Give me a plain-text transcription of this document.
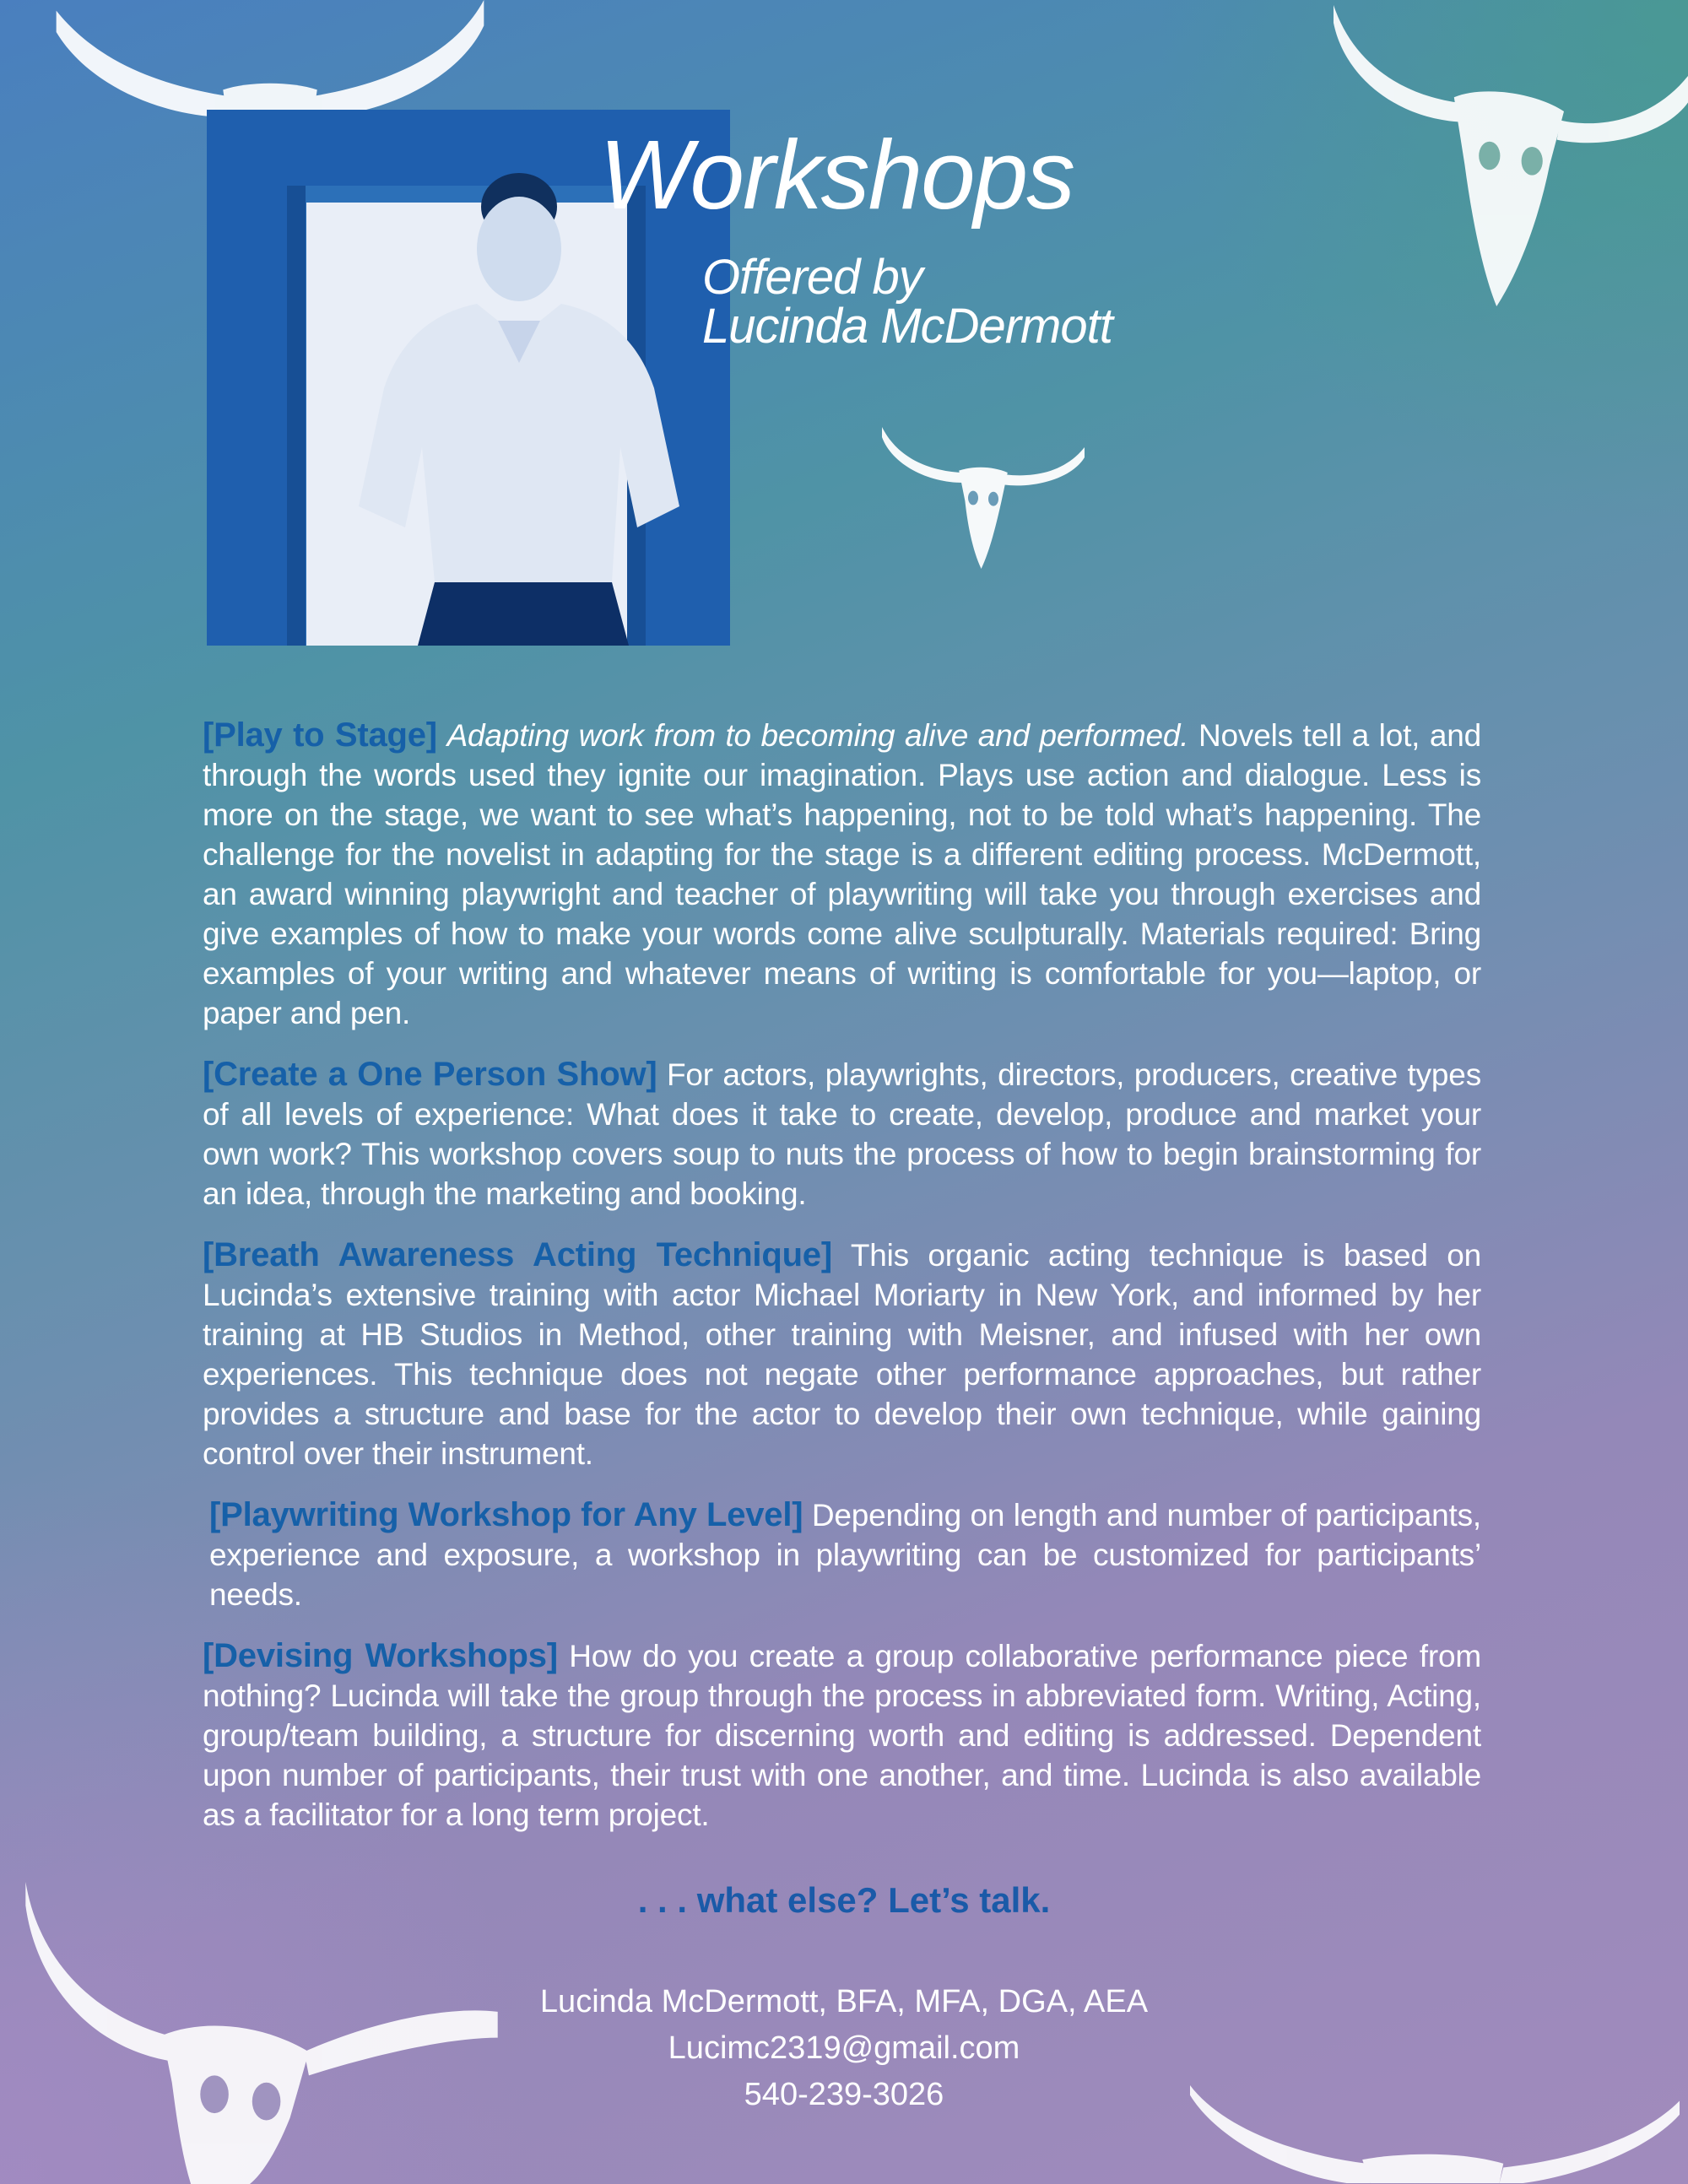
Workshops
Offered by
Lucinda McDermott

[Play to Stage] Adapting work from to becoming alive and performed. Novels tell a lot, and through the words used they ignite our imagination. Plays use action and dialogue. Less is more on the stage, we want to see what’s happening, not to be told what’s happening. The challenge for the novelist in adapting for the stage is a different editing process. McDermott, an award winning playwright and teacher of playwriting will take you through exercises and give examples of how to make your words come alive sculpturally. Materials required: Bring examples of your writing and whatever means of writing is comfortable for you—laptop, or paper and pen.

[Create a One Person Show] For actors, playwrights, directors, producers, creative types of all levels of experience: What does it take to create, develop, produce and market your own work? This workshop covers soup to nuts the process of how to begin brainstorming for an idea, through the marketing and booking.

[Breath Awareness Acting Technique] This organic acting technique is based on Lucinda’s extensive training with actor Michael Moriarty in New York, and informed by her training at HB Studios in Method, other training with Meisner, and infused with her own experiences. This technique does not negate other performance approaches, but rather provides a structure and base for the actor to develop their own technique, while gaining control over their instrument.

[Playwriting Workshop for Any Level] Depending on length and number of participants, experience and exposure, a workshop in playwriting can be customized for participants’ needs.

[Devising Workshops] How do you create a group collaborative performance piece from nothing? Lucinda will take the group through the process in abbreviated form. Writing, Acting, group/team building, a structure for discerning worth and editing is addressed. Dependent upon number of participants, their trust with one another, and time. Lucinda is also available as a facilitator for a long term project.

. . . what else? Let’s talk.

Lucinda McDermott, BFA, MFA, DGA, AEA
Lucimc2319@gmail.com
540-239-3026
